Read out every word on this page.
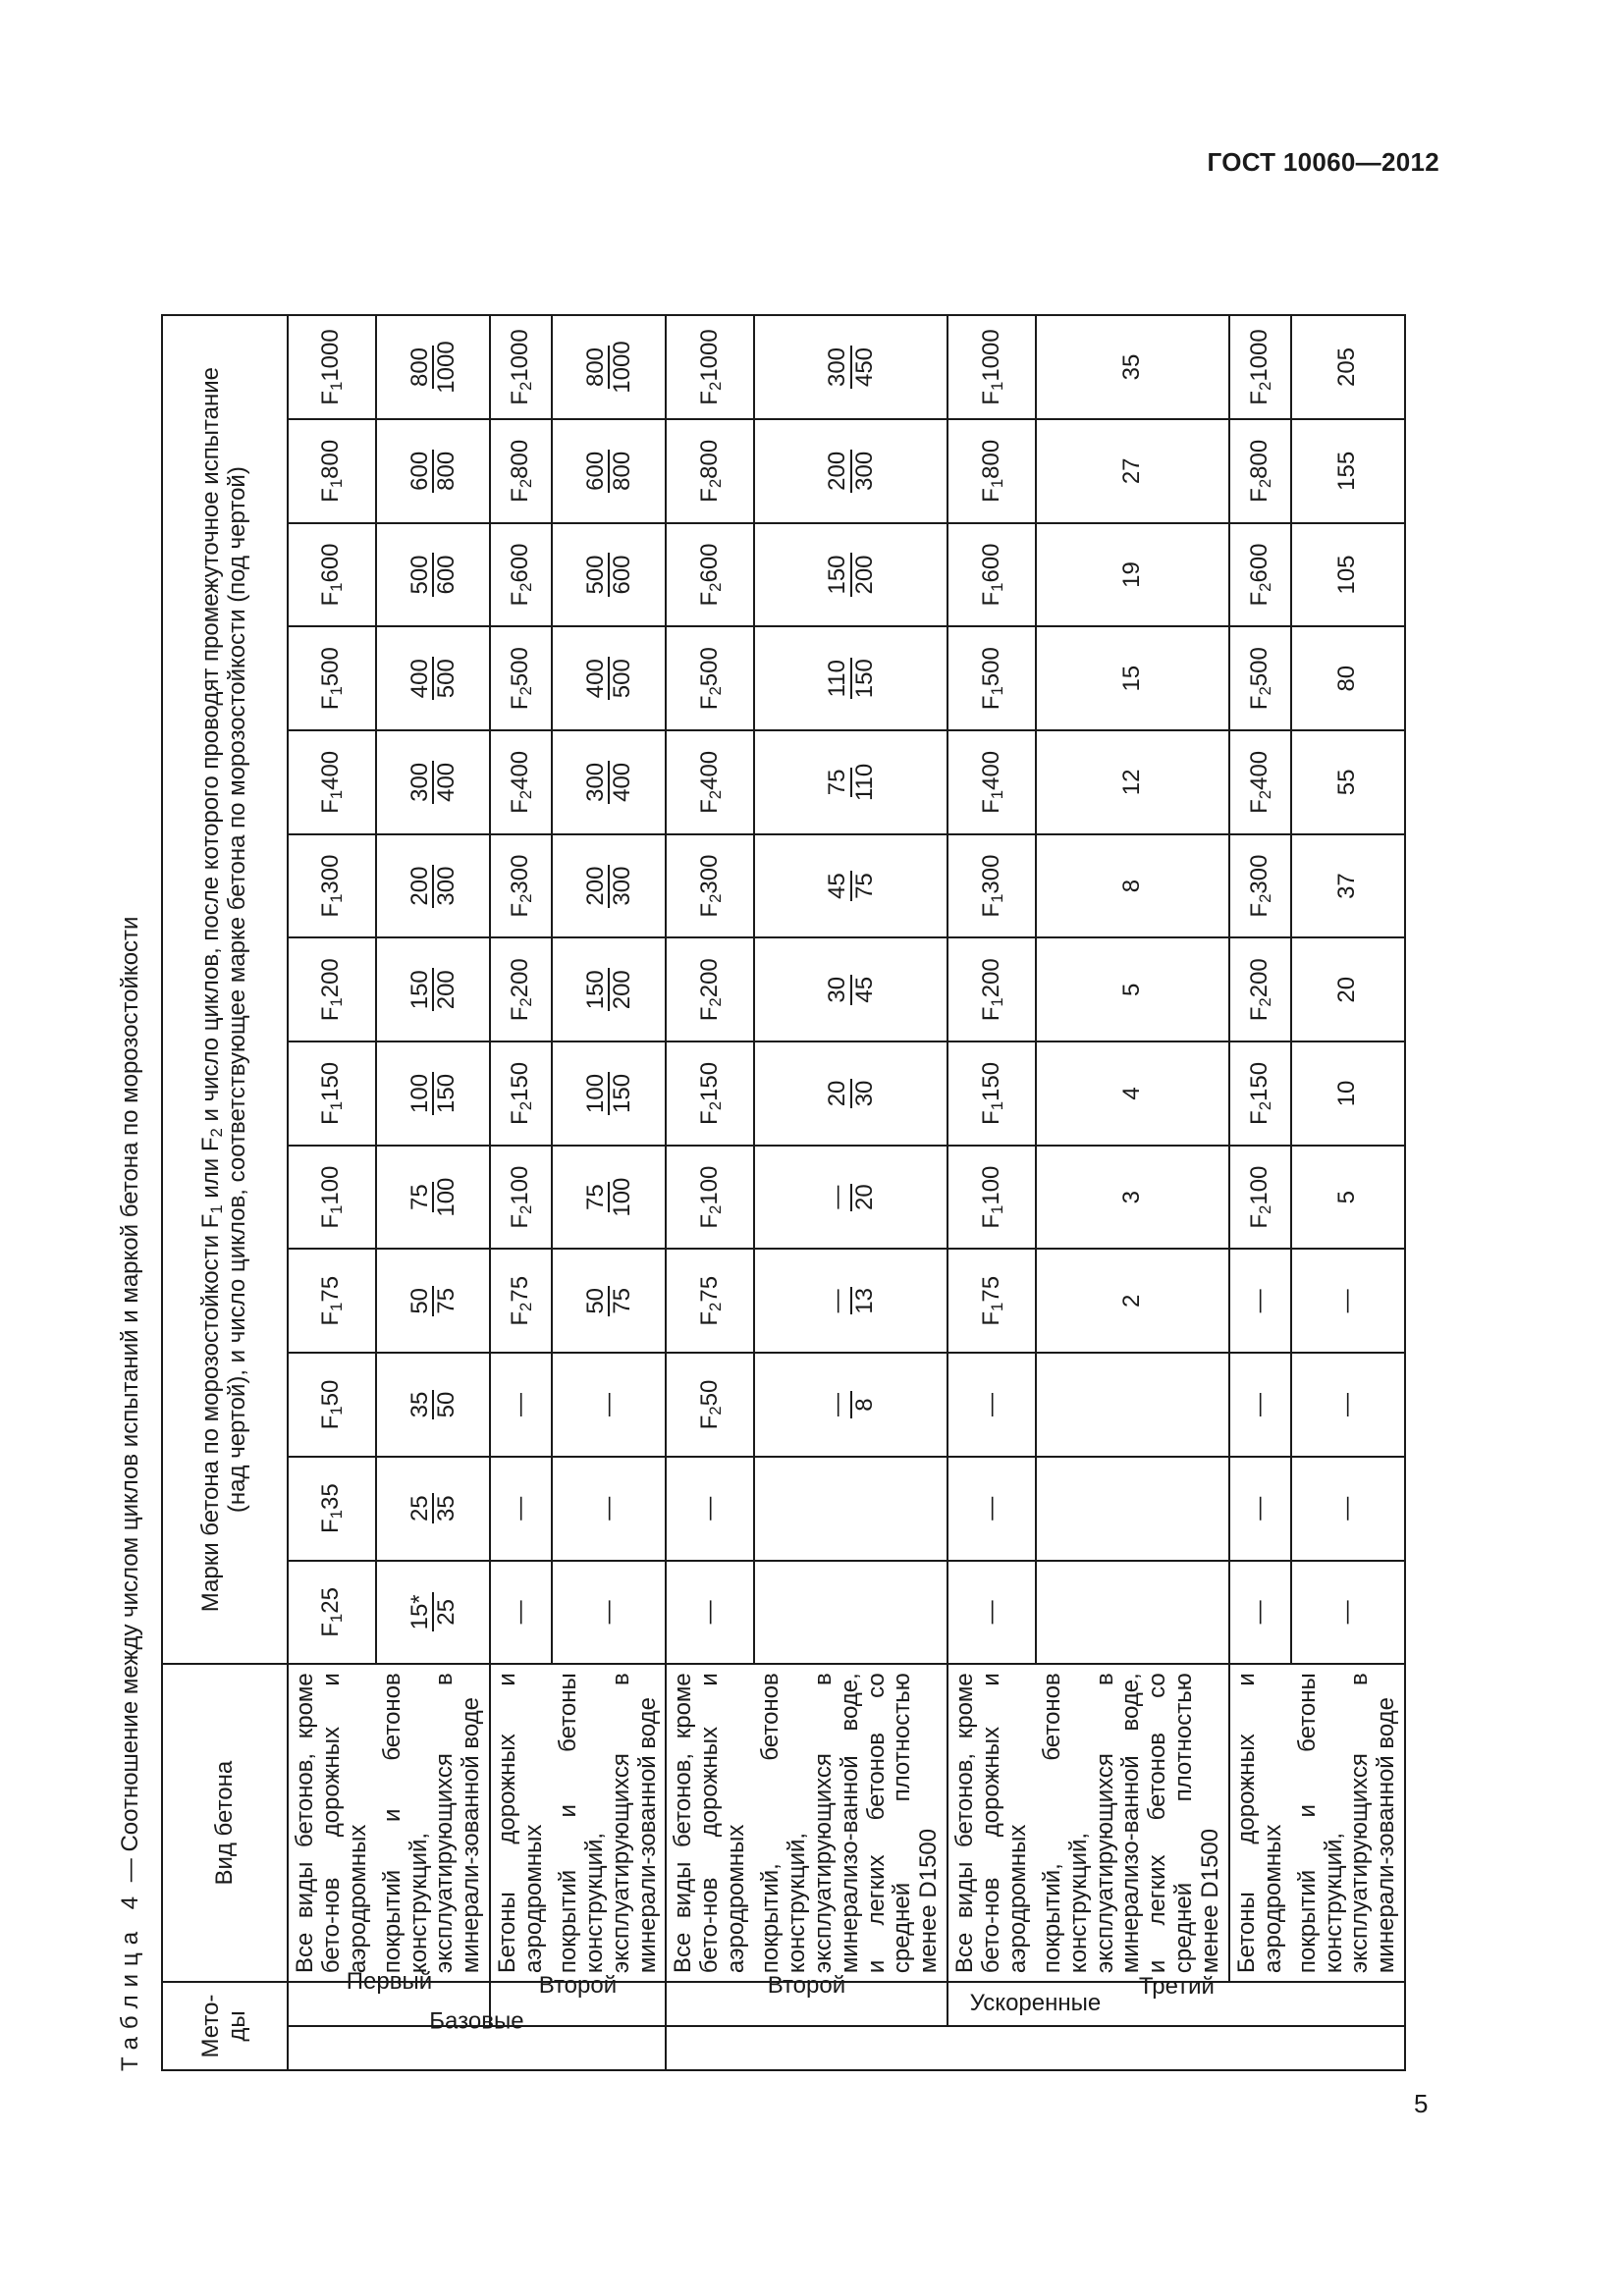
ГОСТ 10060—2012
Таблица 4 — Соотношение между числом циклов испытаний и маркой бетона по морозостойкости
Мето-
ды		Вид бетона	Марки бетона по морозостойкости $F_1$ или $F_2$ и число циклов, после которого проводят промежуточное испытание
(над чертой), и число циклов, соответствующее марке бетона по морозостойкости (под чертой)												
Базовые	Первый	Все виды бетонов, кроме бето-нов дорожных и аэродромных	$F_125$	$F_135$	$F_150$	$F_175$	$F_1100$	$F_1150$	$F_1200$	$F_1300$	$F_1400$	$F_1500$	$F_1600$	$F_1800$	$F_11000$
		покрытий и бетонов конструкций, эксплуатирующихся в минерали-зованной воде	15* 25	25 35	35 50	50 75	75 100	100 150	150 200	200 300	300 400	400 500	500 600	600 800	800 1000

	Второй	Бетоны дорожных и аэродромных	—	—	—	$F_275$	$F_2100$	$F_2150$	$F_2200$	$F_2300$	$F_2400$	$F_2500$	$F_2600$	$F_2800$	$F_21000$
		покрытий и бетоны конструкций, эксплуатирующихся в минерали-зованной воде	—	—	—	50 75	75 100	100 150	150 200	200 300	300 400	400 500	500 600	600 800	800 1000

Ускоренные	Второй	Все виды бетонов, кроме бето-нов дорожных и аэродромных	—	—	$F_250$	$F_275$	$F_2100$	$F_2150$	$F_2200$	$F_2300$	$F_2400$	$F_2500$	$F_2600$	$F_2800$	$F_21000$
		покрытий, бетонов конструкций, эксплуатирующихся в минерализо-ванной воде, и легких бетонов со средней плотностью менее D1500			— 8	— 13	— 20	20 30	30 45	45 75	75 110	110 150	150 200	200 300	300 450

	Третий	Все виды бетонов, кроме бето-нов дорожных и аэродромных	—	—	—	$F_175$	$F_1100$	$F_1150$	$F_1200$	$F_1300$	$F_1400$	$F_1500$	$F_1600$	$F_1800$	$F_11000$
		покрытий, бетонов конструкций, эксплуатирующихся в минерализо-ванной воде, и легких бетонов со средней плотностью менее D1500				2	3	4	5	8	12	15	19	27	35
		Бетоны дорожных и аэродромных	—	—	—	—	$F_2100$	$F_2150$	$F_2200$	$F_2300$	$F_2400$	$F_2500$	$F_2600$	$F_2800$	$F_21000$
		покрытий и бетоны конструкций, эксплуатирующихся в минерали-зованной воде	—	—	—	—	5	10	20	37	55	80	105	155	205
5
